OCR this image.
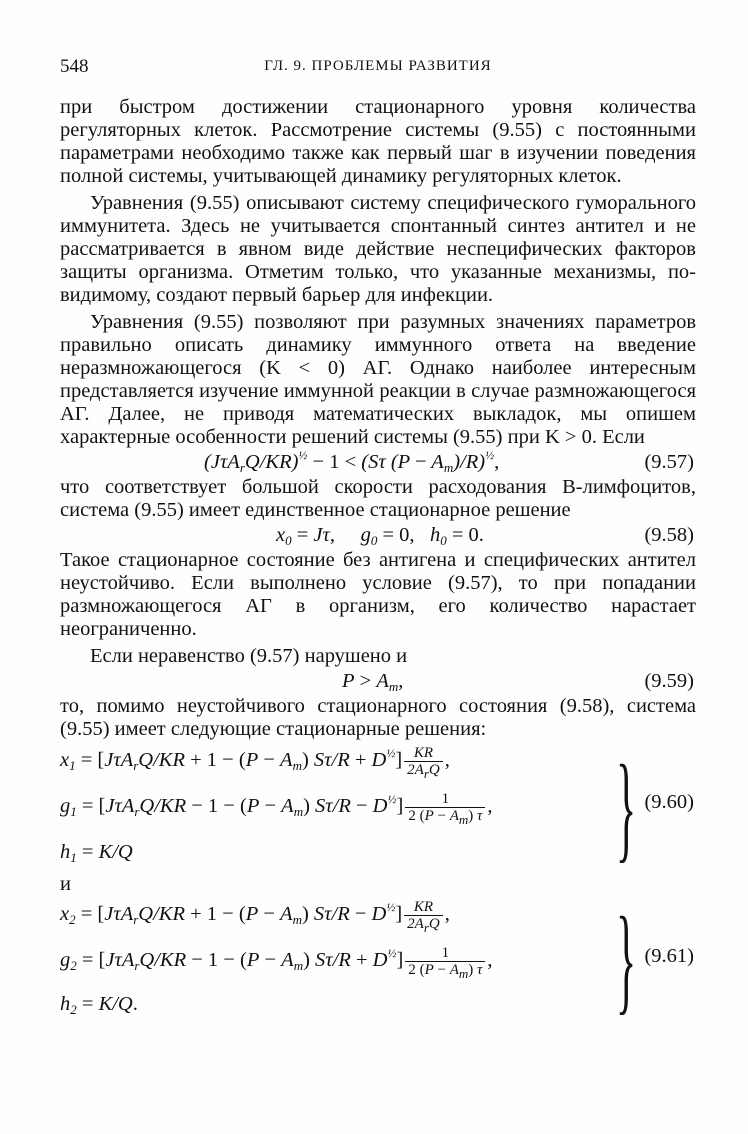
548	ГЛ. 9. ПРОБЛЕМЫ РАЗВИТИЯ

при быстром достижении стационарного уровня количества регуляторных клеток. Рассмотрение системы (9.55) с постоянными параметрами необходимо также как первый шаг в изучении поведения полной системы, учитывающей динамику регуляторных клеток.

Уравнения (9.55) описывают систему специфического гуморального иммунитета. Здесь не учитывается спонтанный синтез антител и не рассматривается в явном виде действие неспецифических факторов защиты организма. Отметим только, что указанные механизмы, по-видимому, создают первый барьер для инфекции.

Уравнения (9.55) позволяют при разумных значениях параметров правильно описать динамику иммунного ответа на введение неразмножающегося (K < 0) АГ. Однако наиболее интересным представляется изучение иммунной реакции в случае размножающегося АГ. Далее, не приводя математических выкладок, мы опишем характерные особенности решений системы (9.55) при K > 0. Если

$(J\tau A_rQ/KR)^{\frac{1}{2}} - 1 < (S\tau$ $(P - A_m)/R)^{\frac{1}{2}}$,	(9.57)

что соответствует большой скорости расходования B-лимфоцитов, система (9.55) имеет единственное стационарное решение

$x_0 = J\tau$, $g_0 = 0$, $h_0 = 0$.	(9.58)

Такое стационарное состояние без антигена и специфических антител неустойчиво. Если выполнено условие (9.57), то при попадании размножающегося АГ в организм, его количество нарастает неограниченно.

Если неравенство (9.57) нарушено и

$P > A_m$,	(9.59)

то, помимо неустойчивого стационарного состояния (9.58), система (9.55) имеет следующие стационарные решения:

$x_1 = [J\tau A_rQ/KR + 1 - (P - A_m) S\tau/R + D^{\frac{1}{2}}] \frac{KR}{2A_rQ}$ ,
$g_1 = [J\tau A_rQ/KR - 1 - (P - A_m) S\tau/R - D^{\frac{1}{2}}] \frac{1}{2 (P - A_m) \tau}$ ,
$h_1 = K/Q$	} (9.60)
и
$x_2 = [J\tau A_rQ/KR + 1 - (P - A_m) S\tau/R - D^{\frac{1}{2}}] \frac{KR}{2A_rQ}$ ,
$g_2 = [J\tau A_rQ/KR - 1 - (P - A_m) S\tau/R + D^{\frac{1}{2}}] \frac{1}{2 (P - A_m) \tau}$ ,
$h_2 = K/Q$.	} (9.61)
